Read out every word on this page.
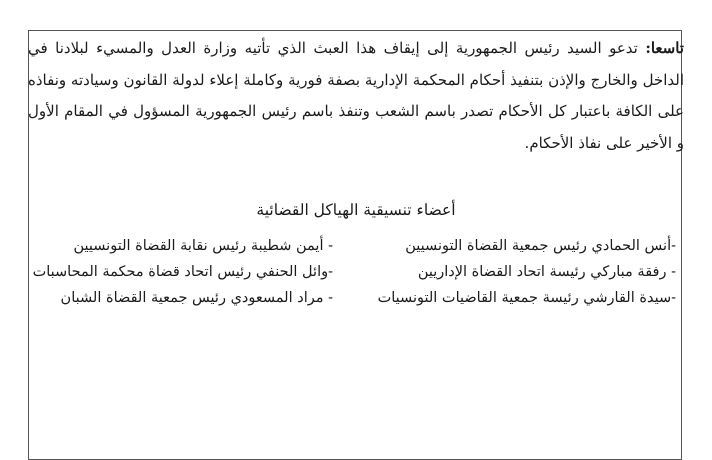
تاسعا: تدعو السيد رئيس الجمهورية إلى إيقاف هذا العبث الذي تأتيه وزارة العدل والمسيء لبلادنا في الداخل والخارج والإذن بتنفيذ أحكام المحكمة الإدارية بصفة فورية وكاملة إعلاء لدولة القانون وسيادته ونفاذه على الكافة باعتبار كل الأحكام تصدر باسم الشعب وتنفذ باسم رئيس الجمهورية المسؤول في المقام الأول و الأخير على نفاذ الأحكام.

أعضاء تنسيقية الهياكل القضائية
-أنس الحمادي رئيس جمعية القضاة التونسيين
- أيمن شطيبة رئيس نقابة القضاة التونسيين
- رفقة مباركي رئيسة اتحاد القضاة الإداريين
-وائل الحنفي رئيس اتحاد قضاة محكمة المحاسبات
-سيدة القارشي رئيسة جمعية القاضيات التونسيات
- مراد المسعودي رئيس جمعية القضاة الشبان
